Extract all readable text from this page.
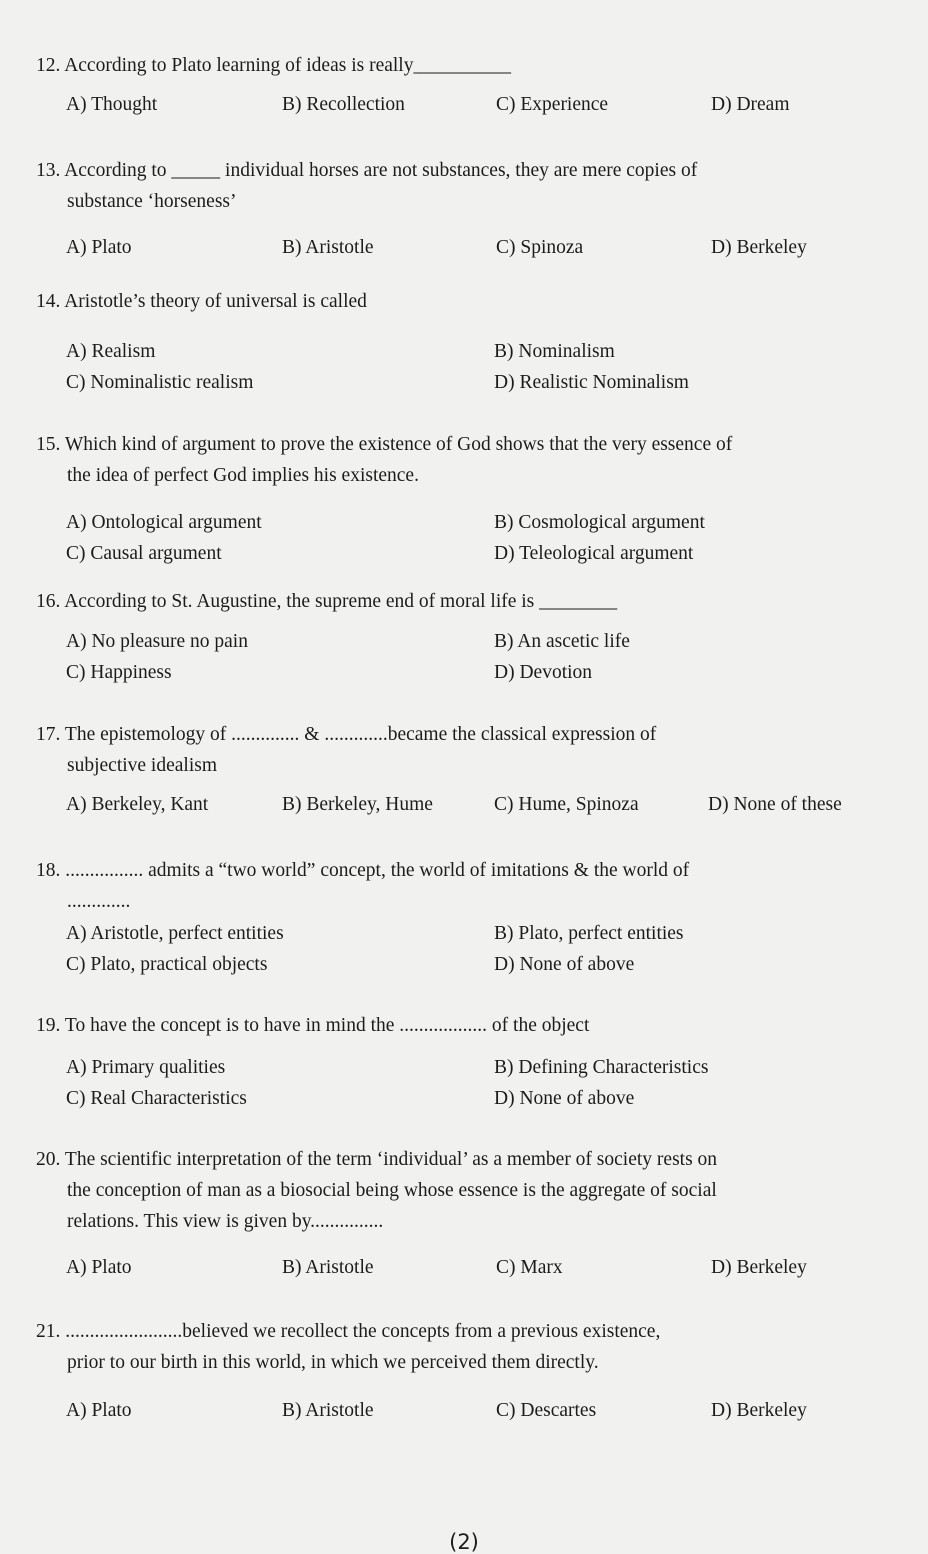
12. According to Plato learning of ideas is really__________
A) Thought	B) Recollection	C) Experience	D) Dream
13. According to _____ individual horses are not substances, they are mere copies of
substance ‘horseness’
A) Plato	B) Aristotle	C) Spinoza	D) Berkeley
14. Aristotle’s theory of universal is called
A) Realism	B) Nominalism
C) Nominalistic realism	D) Realistic Nominalism
15. Which kind of argument to prove the existence of God shows that the very essence of
the idea of perfect God implies his existence.
A) Ontological argument	B) Cosmological argument
C) Causal argument	D) Teleological argument
16. According to St. Augustine, the supreme end of moral life is ________
A) No pleasure no pain	B) An ascetic life
C) Happiness	D) Devotion
17. The epistemology of .............. & .............became the classical expression of
subjective idealism
A) Berkeley, Kant	B) Berkeley, Hume	C) Hume, Spinoza	D) None of these
18. ................ admits a “two world” concept, the world of imitations & the world of
.............
A) Aristotle, perfect entities	B) Plato, perfect entities
C) Plato, practical objects	D) None of above
19. To have the concept is to have in mind the .................. of the object
A) Primary qualities	B) Defining Characteristics
C) Real Characteristics	D) None of above
20. The scientific interpretation of the term ‘individual’ as a member of society rests on
the conception of man as a biosocial being whose essence is the aggregate of social
relations. This view is given by...............
A) Plato	B) Aristotle	C) Marx	D) Berkeley
21. ........................believed we recollect the concepts from a previous existence,
prior to our birth in this world, in which we perceived them directly.
A) Plato	B) Aristotle	C) Descartes	D) Berkeley
(2)
